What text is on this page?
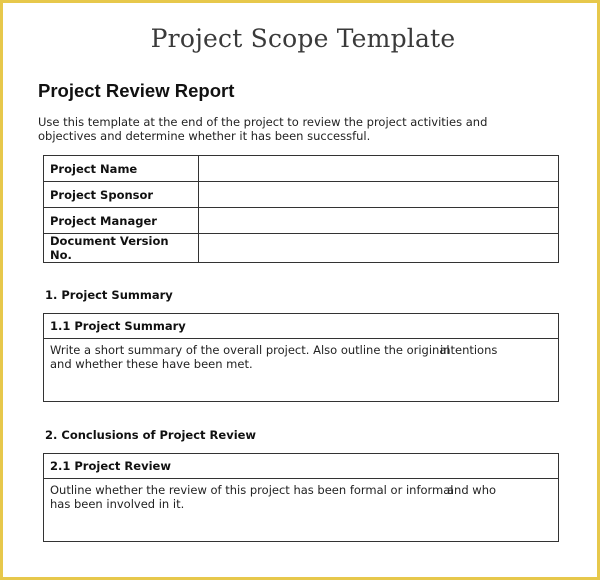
Project Scope Template
Project Review Report
Use this template at the end of the project to review the project activities and
objectives and determine whether it has been successful.
Project Name	
Project Sponsor	
Project Manager	
Document Version No.	
1. Project Summary
1.1 Project Summary

Write a short summary of the overall project. Also outline the original
and whether these have been met.
intentions
2. Conclusions of Project Review
2.1 Project Review

Outline whether the review of this project has been formal or informal
has been involved in it.
and who
